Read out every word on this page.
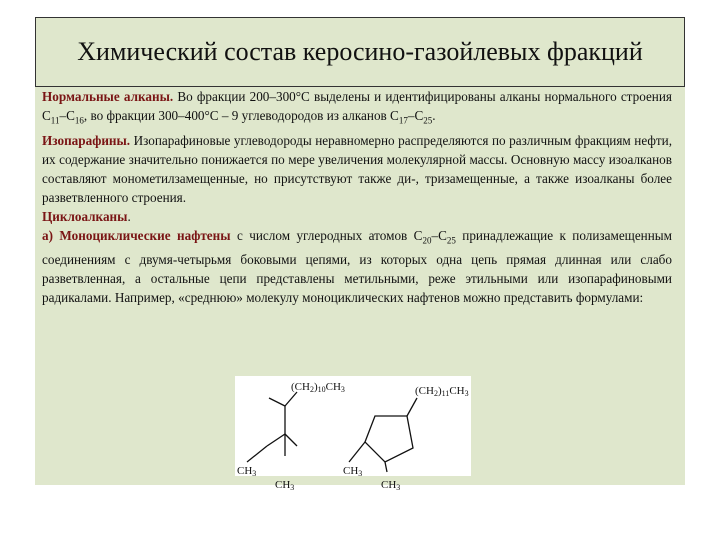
Химический состав керосино-газойлевых фракций
Нормальные алканы. Во фракции 200–300°С выделены и идентифицированы алканы нормального строения $С_{11}-С_{16}$, во фракции 300–400°С – 9 углеводородов из алканов $С_{17}-С_{25}$.
Изопарафины. Изопарафиновые углеводороды неравномерно распределяются по различным фракциям нефти, их содержание значительно понижается по мере увеличения молекулярной массы. Основную массу изоалканов составляют монометилзамещенные, но присутствуют также ди-, тризамещенные, а также изоалканы более разветвленного строения.
Циклоалканы.
а) Моноциклические нафтены с числом углеродных атомов $С_{20}-С_{25}$ принадлежащие к полизамещенным соединениям с двумя-четырьмя боковыми цепями, из которых одна цепь прямая длинная или слабо разветвленная, а остальные цепи представлены метильными, реже этильными или изопарафиновыми радикалами. Например, «среднюю» молекулу моноциклических нафтенов можно представить формулами:
(CH2)10CH3
CH3
CH3
(CH2)11CH3
CH3
CH3
